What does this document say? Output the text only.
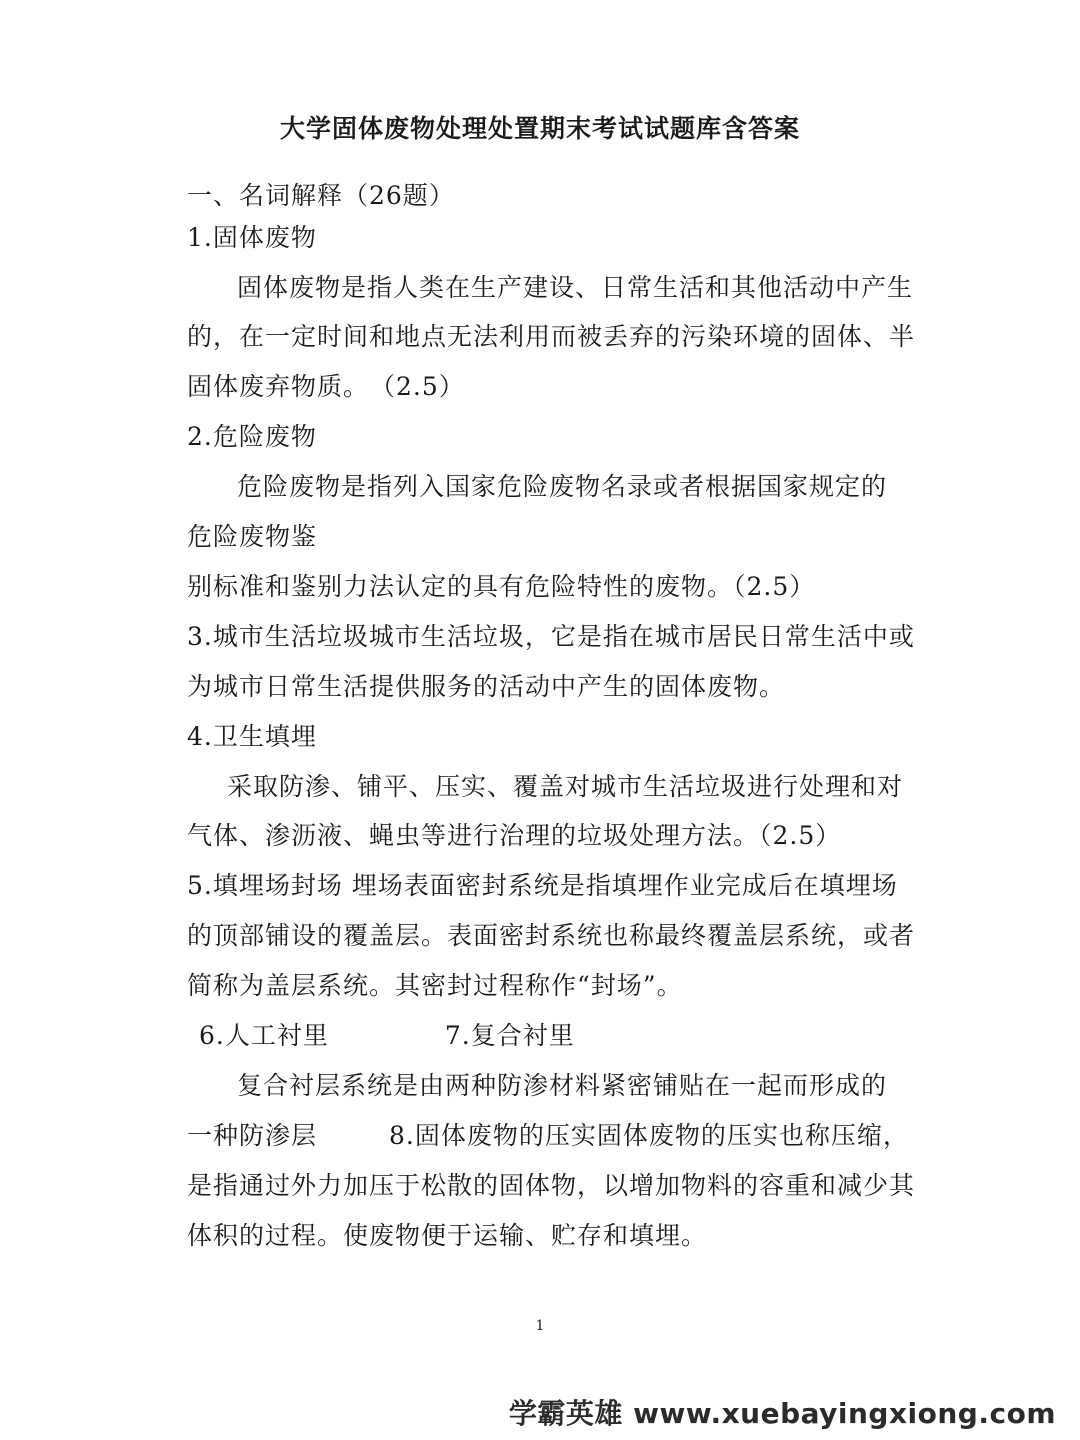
大学固体废物处理处置期末考试试题库含答案
一、名词解释（26题）
1.固体废物
固体废物是指人类在生产建设、日常生活和其他活动中产生
的，在一定时间和地点无法利用而被丢弃的污染环境的固体、半
固体废弃物质。　（2.5）
2.危险废物
危险废物是指列入国家危险废物名录或者根据国家规定的
危险废物鉴
别标准和鉴别力法认定的具有危险特性的废物。（2.5）
3.城市生活垃圾城市生活垃圾，它是指在城市居民日常生活中或
为城市日常生活提供服务的活动中产生的固体废物。
4.卫生填埋
采取防渗、铺平、压实、覆盖对城市生活垃圾进行处理和对
气体、渗沥液、蝇虫等进行治理的垃圾处理方法。（2.5）
5.填埋场封场 埋场表面密封系统是指填埋作业完成后在填埋场
的顶部铺设的覆盖层。表面密封系统也称最终覆盖层系统，或者
简称为盖层系统。其密封过程称作“封场”。
6.人工衬里	7.复合衬里
复合衬层系统是由两种防渗材料紧密铺贴在一起而形成的
一种防渗层	8.固体废物的压实固体废物的压实也称压缩，
是指通过外力加压于松散的固体物，以增加物料的容重和减少其
体积的过程。使废物便于运输、贮存和填埋。
1
学霸英雄 www.xuebayingxiong.com
